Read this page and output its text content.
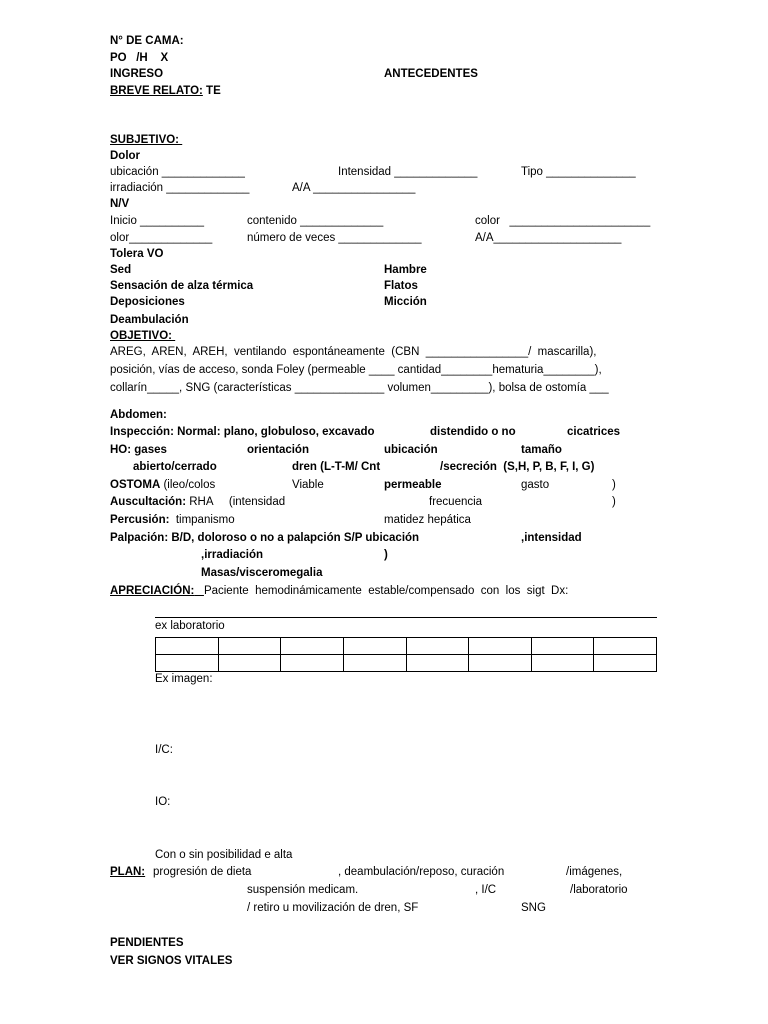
N° DE CAMA:
PO   /H    X
INGRESO	ANTECEDENTES
BREVE RELATO: TE
SUBJETIVO:
Dolor
ubicación _____________	Intensidad _____________	Tipo ______________
irradiación _____________	A/A ________________
N/V
Inicio __________	contenido _____________	color   ______________________
olor_____________	número de veces _____________	A/A____________________
Tolera VO
Sed	Hambre
Sensación de alza térmica	Flatos
Deposiciones	Micción
Deambulación
OBJETIVO:
AREG,  AREN,  AREH,  ventilando  espontáneamente  (CBN  ________________/  mascarilla),
posición, vías de acceso, sonda Foley (permeable ____ cantidad________hematuria________),
collarín_____, SNG (características ______________ volumen_________), bolsa de ostomía ___
Abdomen:
Inspección: Normal: plano, globuloso, excavado	distendido o no	cicatrices
HO: gases	orientación	ubicación	tamaño
abierto/cerrado	dren (L-T-M/ Cnt	/secreción  (S,H, P, B, F, I, G)
OSTOMA (ileo/colos	Viable	permeable	gasto	)
Auscultación: RHA     (intensidad	frecuencia	)
Percusión:  timpanismo	matidez hepática
Palpación: B/D, doloroso o no a palapción S/P ubicación	,intensidad
,irradiación	)
Masas/visceromegalia
APRECIACIÓN: Paciente  hemodinámicamente  estable/compensado  con  los  sigt  Dx:
ex laboratorio

Ex imagen:
I/C:
IO:
Con o sin posibilidad e alta
PLAN: progresión de dieta	, deambulación/reposo, curación	/imágenes,
suspensión medicam.	, I/C	/laboratorio
/ retiro u movilización de dren, SF	SNG
PENDIENTES
VER SIGNOS VITALES
